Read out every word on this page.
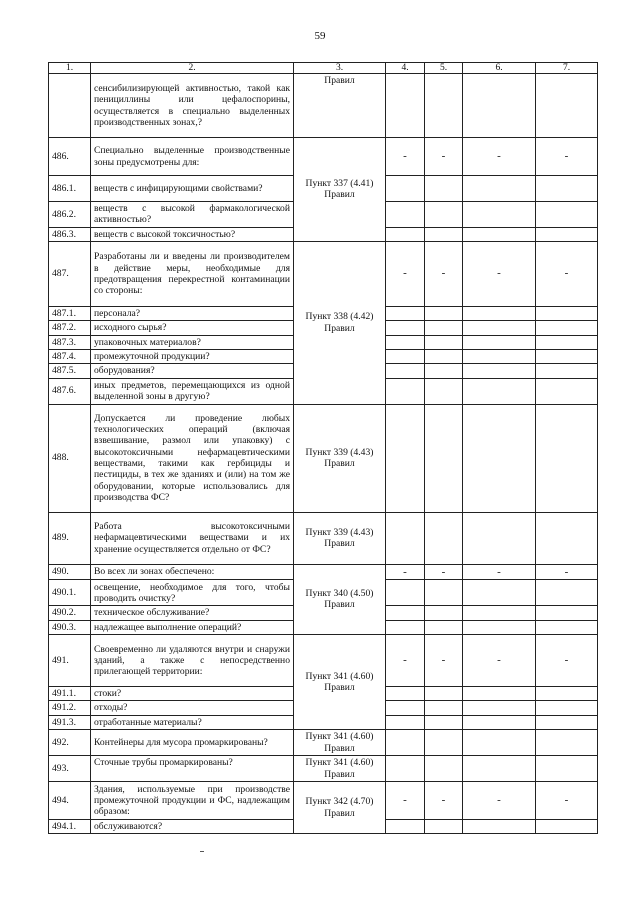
59
1.	2.	3.	4.	5.	6.	7.
	сенсибилизирующей активностью, такой как пенициллины или цефалоспорины, осуществляется в специально выделенных производственных зонах,?	Правил				
486.	Специально выделенные производственные зоны предусмотрены для:	Пункт 337 (4.41) Правил	-	-	-	-
486.1.	веществ с инфицирующими свойствами?					
486.2.	веществ с высокой фармакологической активностью?					
486.3.	веществ с высокой токсичностью?					
487.	Разработаны ли и введены ли производителем в действие меры, необходимые для предотвращения перекрестной контаминации со стороны:	Пункт 338 (4.42) Правил	-	-	-	-
487.1.	персонала?					
487.2.	исходного сырья?					
487.3.	упаковочных материалов?					
487.4.	промежуточной продукции?					
487.5.	оборудования?					
487.6.	иных предметов, перемещающихся из одной выделенной зоны в другую?					
488.	Допускается ли проведение любых технологических операций (включая взвешивание, размол или упаковку) с высокотоксичными нефармацевтическими веществами, такими как гербициды и пестициды, в тех же зданиях и (или) на том же оборудовании, которые использовались для производства ФС?	Пункт 339 (4.43) Правил				
489.	Работа высокотоксичными нефармацевтическими веществами и их хранение осуществляется отдельно от ФС?	Пункт 339 (4.43) Правил				
490.	Во всех ли зонах обеспечено:	Пункт 340 (4.50) Правил	-	-	-	-
490.1.	освещение, необходимое для того, чтобы проводить очистку?					
490.2.	техническое обслуживание?					
490.3.	надлежащее выполнение операций?					
491.	Своевременно ли удаляются внутри и снаружи зданий, а также с непосредственно прилегающей территории:	Пункт 341 (4.60) Правил	-	-	-	-
491.1.	стоки?					
491.2.	отходы?					
491.3.	отработанные материалы?					
492.	Контейнеры для мусора промаркированы?	Пункт 341 (4.60) Правил				
493.	Сточные трубы промаркированы?	Пункт 341 (4.60) Правил				
494.	Здания, используемые при производстве промежуточной продукции и ФС, надлежащим образом:	Пункт 342 (4.70) Правил	-	-	-	-
494.1.	обслуживаются?					
